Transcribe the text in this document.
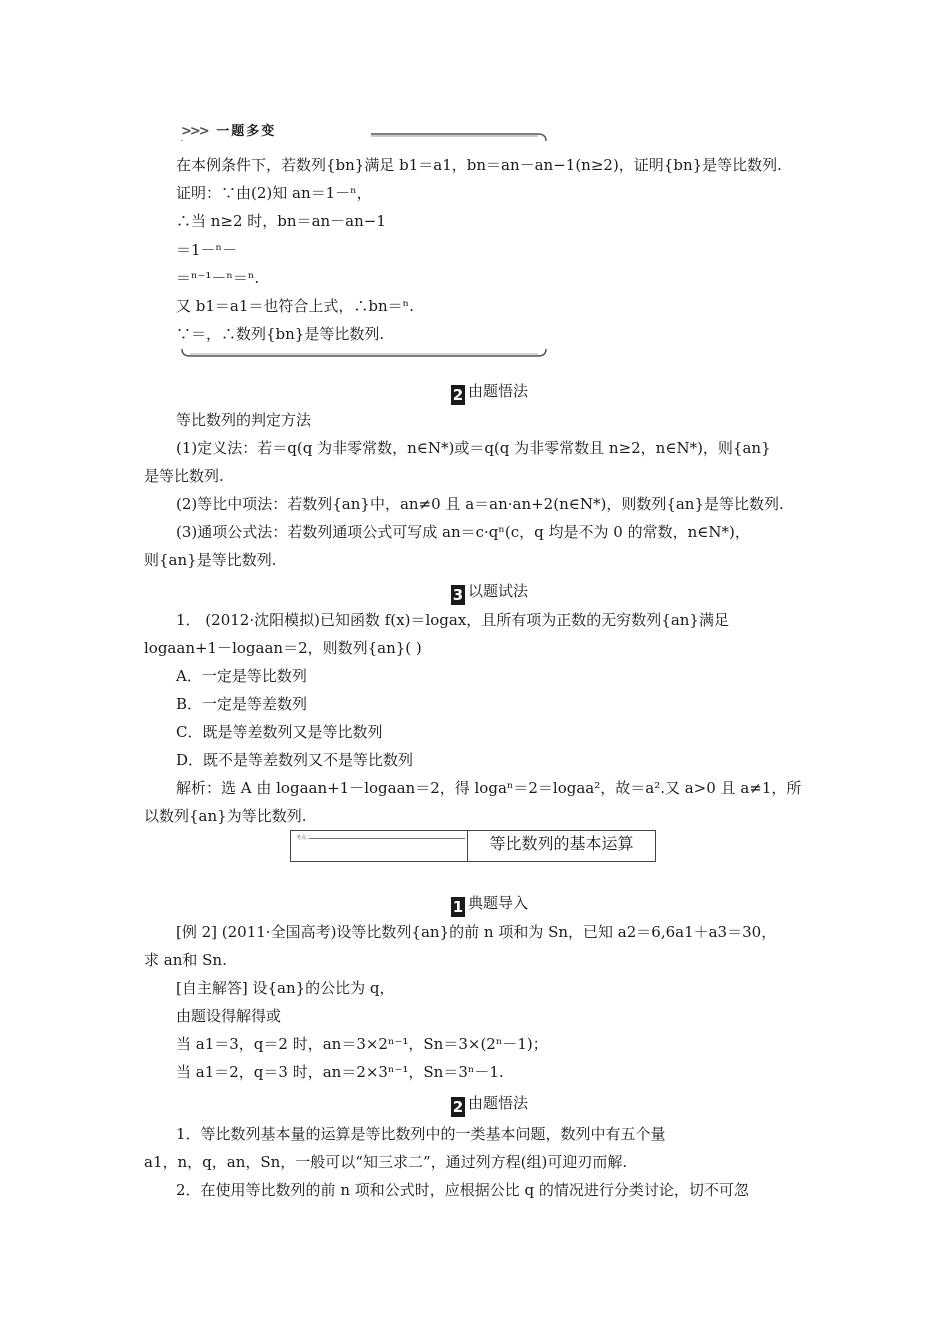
>>> 一题多变
在本例条件下，若数列{bn}满足 b1＝a1，bn＝an－an−1(n≥2)，证明{bn}是等比数列.
证明：∵由(2)知 an＝1－ⁿ，
∴当 n≥2 时，bn＝an－an−1
＝1－ⁿ－
＝ⁿ⁻¹－ⁿ＝ⁿ.
又 b1＝a1＝也符合上式，∴bn＝ⁿ.
∵＝，∴数列{bn}是等比数列.
2 由题悟法
等比数列的判定方法
(1)定义法：若＝q(q 为非零常数，n∈N*)或＝q(q 为非零常数且 n≥2，n∈N*)，则{an}
是等比数列.
(2)等比中项法：若数列{an}中，an≠0 且 a＝an·an+2(n∈N*)，则数列{an}是等比数列.
(3)通项公式法：若数列通项公式可写成 an＝c·qⁿ(c，q 均是不为 0 的常数，n∈N*)，
则{an}是等比数列.
3 以题试法
1． (2012·沈阳模拟)已知函数 f(x)＝logax，且所有项为正数的无穷数列{an}满足
logaan+1－logaan＝2，则数列{an}( )
A．一定是等比数列
B．一定是等差数列
C．既是等差数列又是等比数列
D．既不是等差数列又不是等比数列
解析：选 A 由 logaan+1－logaan＝2，得 logaⁿ＝2＝logaa²，故＝a².又 a>0 且 a≠1，所
以数列{an}为等比数列.
考点二	等比数列的基本运算
1 典题导入
[例 2] (2011·全国高考)设等比数列{an}的前 n 项和为 Sn，已知 a2＝6,6a1＋a3＝30，
求 an和 Sn.
[自主解答] 设{an}的公比为 q，
由题设得解得或
当 a1＝3，q＝2 时，an＝3×2ⁿ⁻¹，Sn＝3×(2ⁿ－1)；
当 a1＝2，q＝3 时，an＝2×3ⁿ⁻¹，Sn＝3ⁿ－1.
2 由题悟法
1．等比数列基本量的运算是等比数列中的一类基本问题，数列中有五个量
a1，n，q，an，Sn，一般可以“知三求二”，通过列方程(组)可迎刃而解.
2．在使用等比数列的前 n 项和公式时，应根据公比 q 的情况进行分类讨论，切不可忽
